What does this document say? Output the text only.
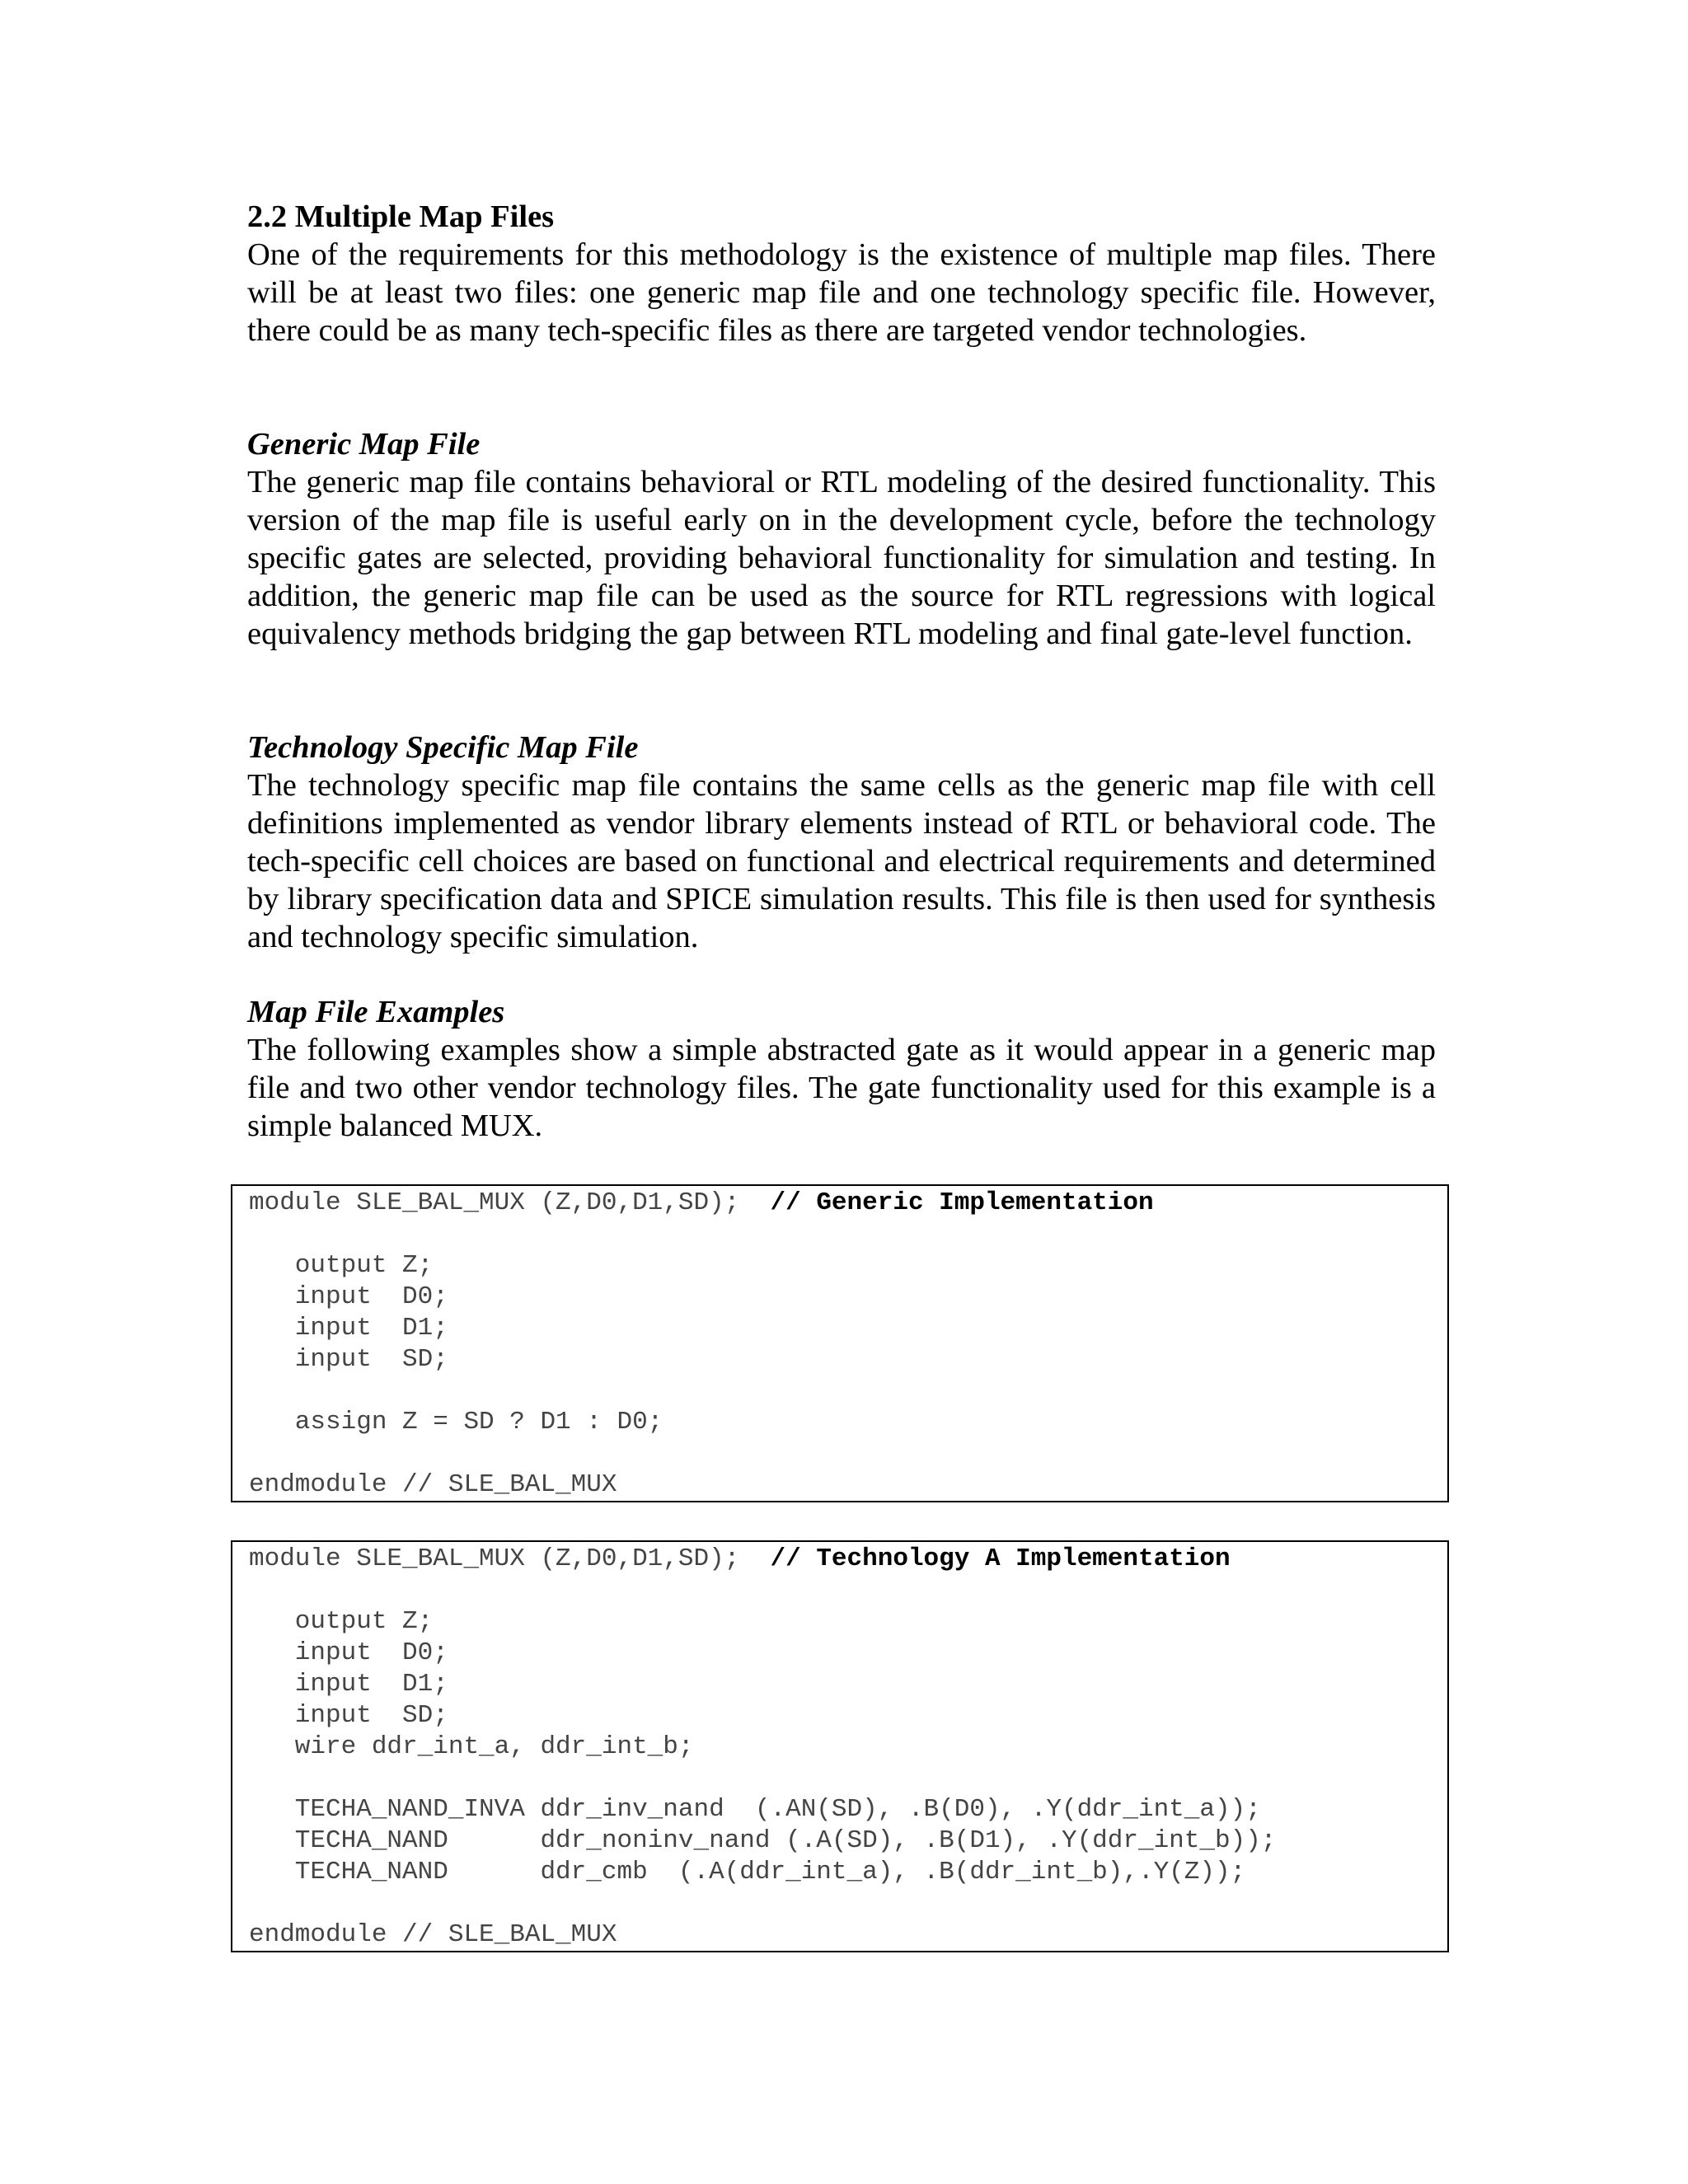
2.2 Multiple Map Files

One of the requirements for this methodology is the existence of multiple map files. There will be at least two files: one generic map file and one technology specific file. However, there could be as many tech-specific files as there are targeted vendor technologies.

Generic Map File

The generic map file contains behavioral or RTL modeling of the desired functionality. This version of the map file is useful early on in the development cycle, before the technology specific gates are selected, providing behavioral functionality for simulation and testing. In addition, the generic map file can be used as the source for RTL regressions with logical equivalency methods bridging the gap between RTL modeling and final gate-level function.

Technology Specific Map File

The technology specific map file contains the same cells as the generic map file with cell definitions implemented as vendor library elements instead of RTL or behavioral code. The tech-specific cell choices are based on functional and electrical requirements and determined by library specification data and SPICE simulation results. This file is then used for synthesis and technology specific simulation.

Map File Examples

The following examples show a simple abstracted gate as it would appear in a generic map file and two other vendor technology files. The gate functionality used for this example is a simple balanced MUX.

module SLE_BAL_MUX (Z,D0,D1,SD);  // Generic Implementation
output Z;
input  D0;
input  D1;
input  SD;
assign Z = SD ? D1 : D0;
endmodule // SLE_BAL_MUX
module SLE_BAL_MUX (Z,D0,D1,SD);  // Technology A Implementation
output Z;
input  D0;
input  D1;
input  SD;
wire ddr_int_a, ddr_int_b;
TECHA_NAND_INVA ddr_inv_nand  (.AN(SD), .B(D0), .Y(ddr_int_a));
TECHA_NAND      ddr_noninv_nand (.A(SD), .B(D1), .Y(ddr_int_b));
TECHA_NAND      ddr_cmb  (.A(ddr_int_a), .B(ddr_int_b),.Y(Z));
endmodule // SLE_BAL_MUX
